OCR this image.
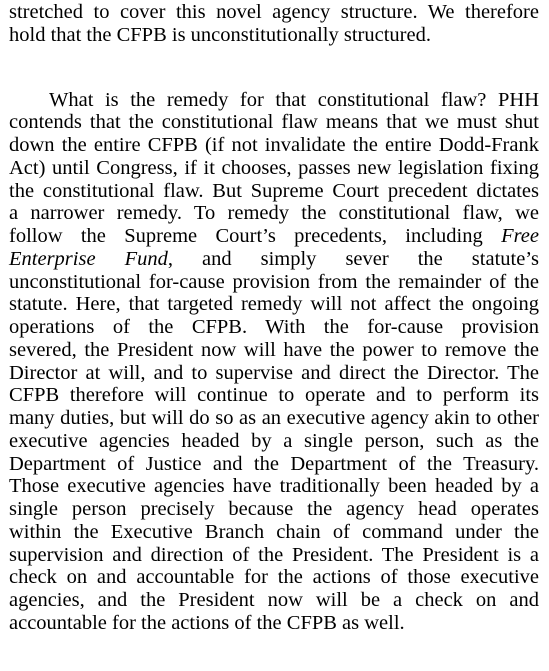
stretched to cover this novel agency structure. We therefore
hold that the CFPB is unconstitutionally structured.
What is the remedy for that constitutional flaw? PHH
contends that the constitutional flaw means that we must shut
down the entire CFPB (if not invalidate the entire Dodd-Frank
Act) until Congress, if it chooses, passes new legislation fixing
the constitutional flaw. But Supreme Court precedent dictates
a narrower remedy. To remedy the constitutional flaw, we
follow the Supreme Court’s precedents, including Free
Enterprise Fund, and simply sever the statute’s
unconstitutional for-cause provision from the remainder of the
statute. Here, that targeted remedy will not affect the ongoing
operations of the CFPB. With the for-cause provision
severed, the President now will have the power to remove the
Director at will, and to supervise and direct the Director. The
CFPB therefore will continue to operate and to perform its
many duties, but will do so as an executive agency akin to other
executive agencies headed by a single person, such as the
Department of Justice and the Department of the Treasury.
Those executive agencies have traditionally been headed by a
single person precisely because the agency head operates
within the Executive Branch chain of command under the
supervision and direction of the President. The President is a
check on and accountable for the actions of those executive
agencies, and the President now will be a check on and
accountable for the actions of the CFPB as well.
